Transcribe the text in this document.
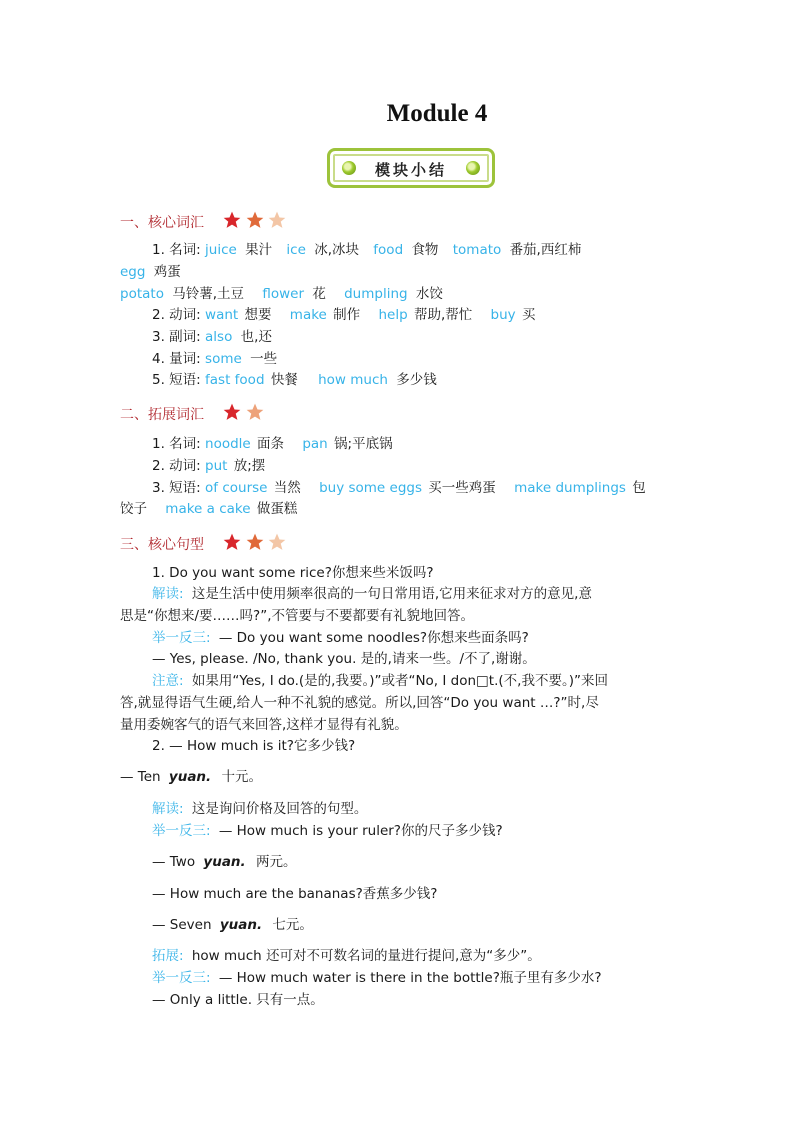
Module 4
模块小结
一、核心词汇
1. 名词: juice 果汁 ice 冰,冰块 food 食物 tomato 番茄,西红柿
egg 鸡蛋
potato 马铃薯,土豆 flower 花 dumpling 水饺
2. 动词: want 想要 make 制作 help 帮助,帮忙 buy 买
3. 副词: also 也,还
4. 量词: some 一些
5. 短语: fast food 快餐 how much 多少钱
二、拓展词汇
1. 名词: noodle 面条 pan 锅;平底锅
2. 动词: put 放;摆
3. 短语: of course 当然 buy some eggs 买一些鸡蛋 make dumplings 包
饺子 make a cake 做蛋糕
三、核心句型
1. Do you want some rice?你想来些米饭吗?
解读: 这是生活中使用频率很高的一句日常用语,它用来征求对方的意见,意
思是“你想来/要……吗?”,不管要与不要都要有礼貌地回答。
举一反三: — Do you want some noodles?你想来些面条吗?
— Yes, please. /No, thank you. 是的,请来一些。/不了,谢谢。
注意: 如果用“Yes, I do.(是的,我要。)”或者“No, I don□t.(不,我不要。)”来回
答,就显得语气生硬,给人一种不礼貌的感觉。所以,回答“Do you want …?”时,尽
量用委婉客气的语气来回答,这样才显得有礼貌。
2. — How much is it?它多少钱?
— Ten yuan. 十元。
解读: 这是询问价格及回答的句型。
举一反三: — How much is your ruler?你的尺子多少钱?
— Two yuan. 两元。
— How much are the bananas?香蕉多少钱?
— Seven yuan. 七元。
拓展: how much 还可对不可数名词的量进行提问,意为“多少”。
举一反三: — How much water is there in the bottle?瓶子里有多少水?
— Only a little. 只有一点。
